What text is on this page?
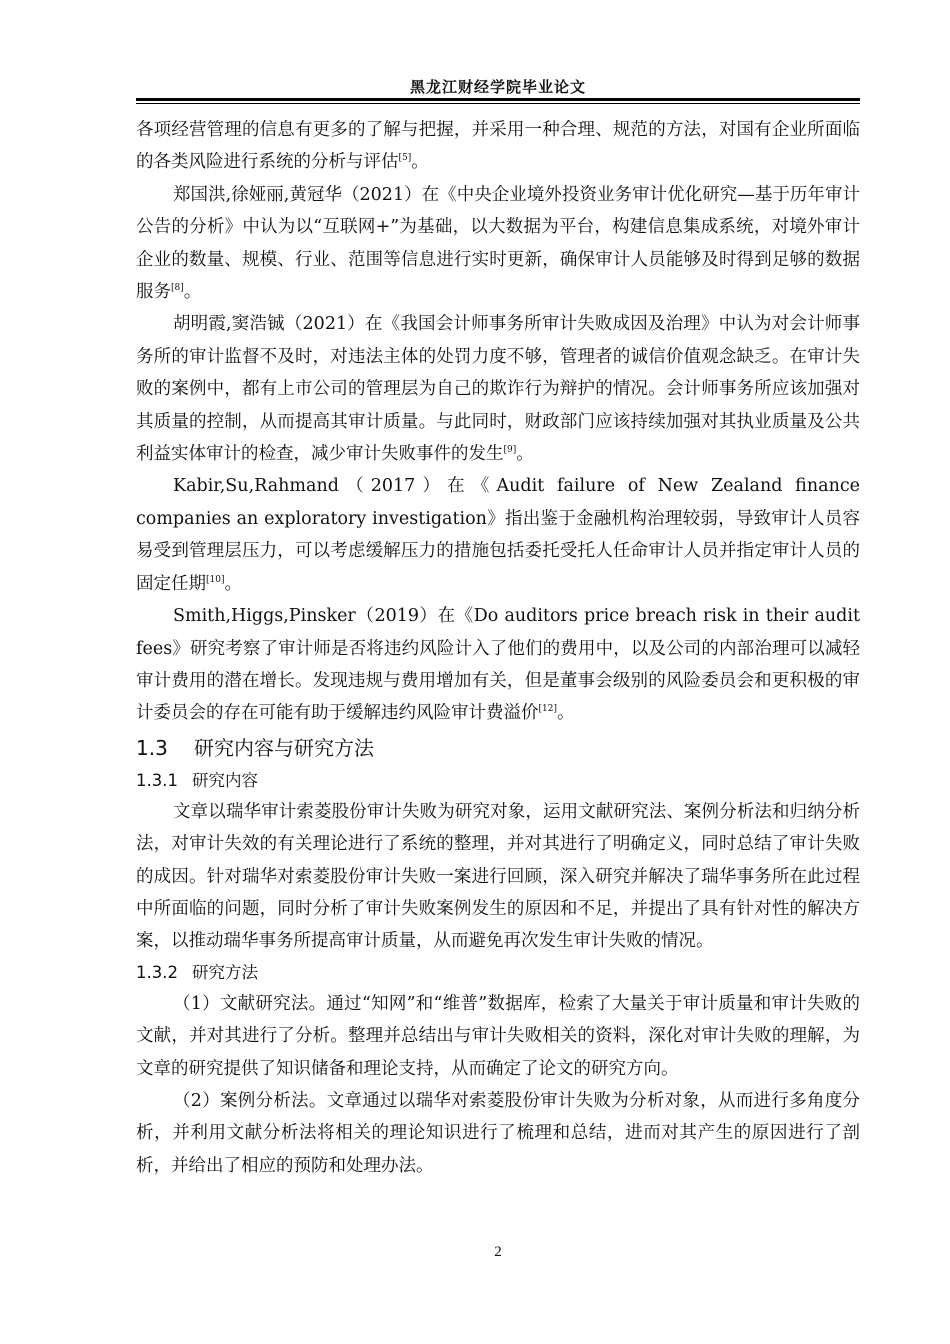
黑龙江财经学院毕业论文

各项经营管理的信息有更多的了解与把握，并采用一种合理、规范的方法，对国有企业所面临的各类风险进行系统的分析与评估[5]。

郑国洪,徐娅丽,黄冠华（2021）在《中央企业境外投资业务审计优化研究—基于历年审计公告的分析》中认为以“互联网+”为基础，以大数据为平台，构建信息集成系统，对境外审计企业的数量、规模、行业、范围等信息进行实时更新，确保审计人员能够及时得到足够的数据服务[8]。

胡明霞,窦浩铖（2021）在《我国会计师事务所审计失败成因及治理》中认为对会计师事务所的审计监督不及时，对违法主体的处罚力度不够，管理者的诚信价值观念缺乏。在审计失败的案例中，都有上市公司的管理层为自己的欺诈行为辩护的情况。会计师事务所应该加强对其质量的控制，从而提高其审计质量。与此同时，财政部门应该持续加强对其执业质量及公共利益实体审计的检查，减少审计失败事件的发生[9]。

Kabir,Su,Rahmand（2017）在《Audit failure of New Zealand finance companies an exploratory investigation》指出鉴于金融机构治理较弱，导致审计人员容易受到管理层压力，可以考虑缓解压力的措施包括委托受托人任命审计人员并指定审计人员的固定任期[10]。

Smith,Higgs,Pinsker（2019）在《Do auditors price breach risk in their audit fees》研究考察了审计师是否将违约风险计入了他们的费用中，以及公司的内部治理可以减轻审计费用的潜在增长。发现违规与费用增加有关，但是董事会级别的风险委员会和更积极的审计委员会的存在可能有助于缓解违约风险审计费溢价[12]。

1.3 研究内容与研究方法
1.3.1 研究内容

文章以瑞华审计索菱股份审计失败为研究对象，运用文献研究法、案例分析法和归纳分析法，对审计失效的有关理论进行了系统的整理，并对其进行了明确定义，同时总结了审计失败的成因。针对瑞华对索菱股份审计失败一案进行回顾，深入研究并解决了瑞华事务所在此过程中所面临的问题，同时分析了审计失败案例发生的原因和不足，并提出了具有针对性的解决方案，以推动瑞华事务所提高审计质量，从而避免再次发生审计失败的情况。

1.3.2 研究方法

（1）文献研究法。通过“知网”和“维普”数据库，检索了大量关于审计质量和审计失败的文献，并对其进行了分析。整理并总结出与审计失败相关的资料，深化对审计失败的理解，为文章的研究提供了知识储备和理论支持，从而确定了论文的研究方向。

（2）案例分析法。文章通过以瑞华对索菱股份审计失败为分析对象，从而进行多角度分析，并利用文献分析法将相关的理论知识进行了梳理和总结，进而对其产生的原因进行了剖析，并给出了相应的预防和处理办法。

2
